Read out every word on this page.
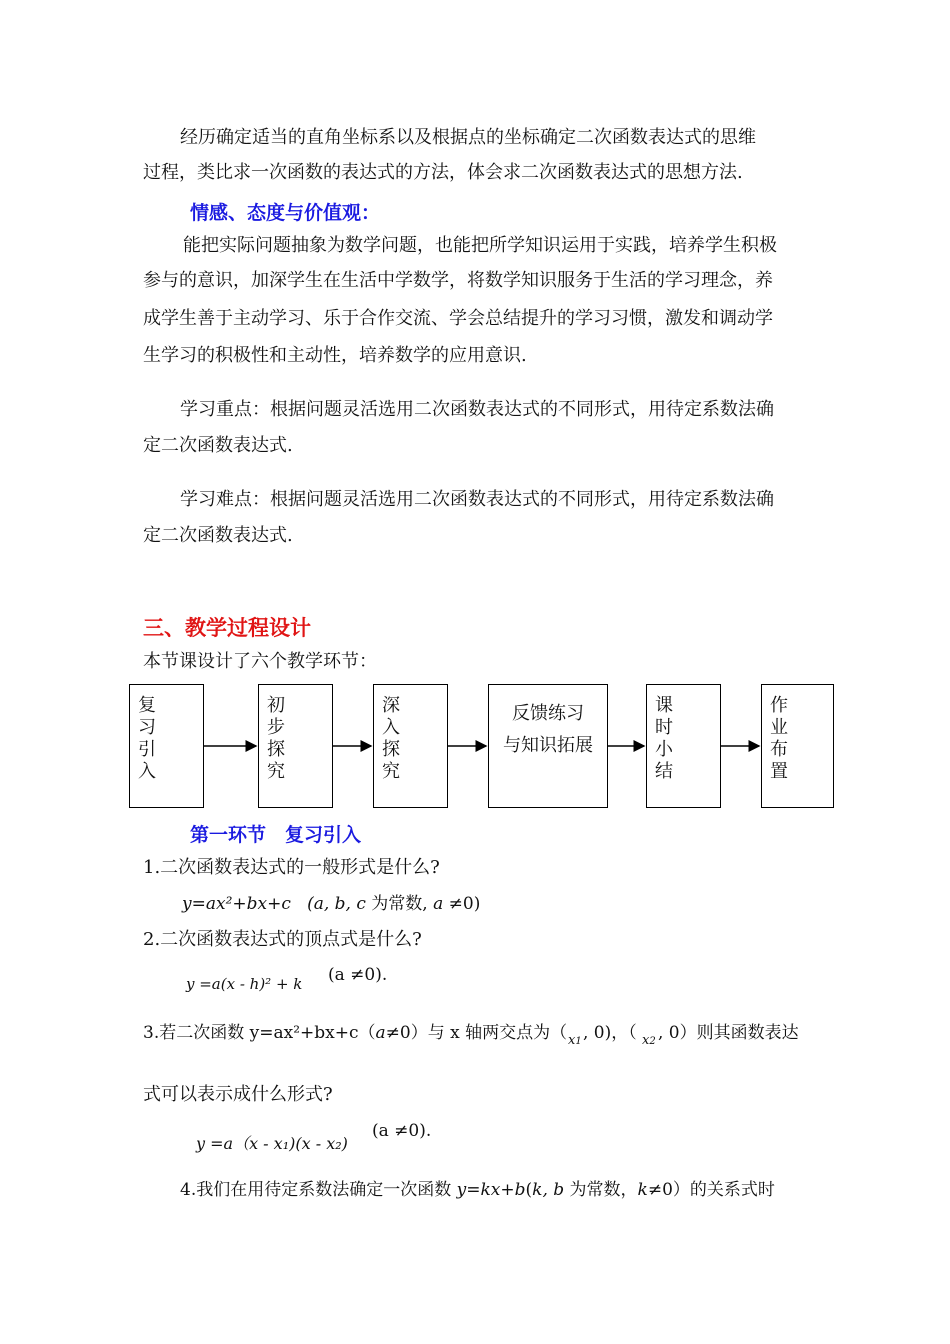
经历确定适当的直角坐标系以及根据点的坐标确定二次函数表达式的思维
过程，类比求一次函数的表达式的方法，体会求二次函数表达式的思想方法.
情感、态度与价值观：
能把实际问题抽象为数学问题，也能把所学知识运用于实践，培养学生积极
参与的意识，加深学生在生活中学数学，将数学知识服务于生活的学习理念，养
成学生善于主动学习、乐于合作交流、学会总结提升的学习习惯，激发和调动学
生学习的积极性和主动性，培养数学的应用意识.
学习重点：根据问题灵活选用二次函数表达式的不同形式，用待定系数法确
定二次函数表达式.
学习难点：根据问题灵活选用二次函数表达式的不同形式，用待定系数法确
定二次函数表达式.
三、教学过程设计
本节课设计了六个教学环节：
复习引入
初步探究
深入探究
反馈练习
与知识拓展
课时小结
作业布置
第一环节　复习引入
1.二次函数表达式的一般形式是什么?
y=ax²+bx+c (a, b, c 为常数, a ≠0)
2.二次函数表达式的顶点式是什么?
y =a(x - h)² + k (a ≠0).
3.若二次函数 y=ax²+bx+c（a≠0）与 x 轴两交点为（ x1 , 0)，（ x2 , 0）则其函数表达
式可以表示成什么形式?
y =a（x - x₁)(x - x₂)
(a ≠0).
4.我们在用待定系数法确定一次函数 y=kx+b(k, b 为常数，k≠0）的关系式时
